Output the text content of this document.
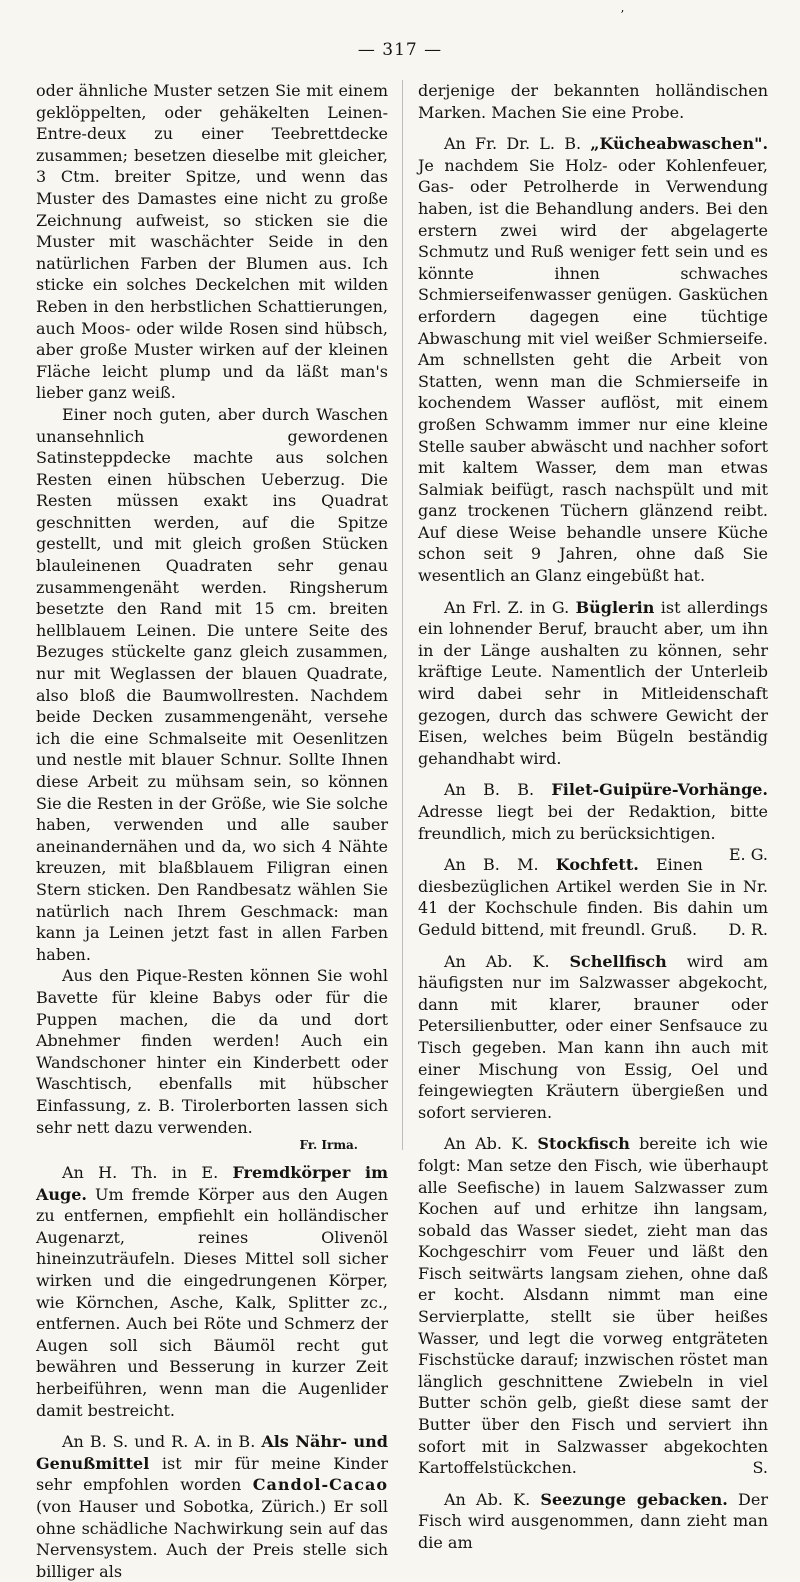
ʼ
— 317 —

oder ähnliche Muster setzen Sie mit einem geklöppelten, oder gehäkelten Leinen-Entre-deux zu einer Teebrettdecke zusammen; besetzen dieselbe mit gleicher, 3 Ctm. breiter Spitze, und wenn das Muster des Damastes eine nicht zu große Zeichnung aufweist, so sticken sie die Muster mit waschächter Seide in den natürlichen Farben der Blumen aus. Ich sticke ein solches Deckelchen mit wilden Reben in den herbstlichen Schattierungen, auch Moos- oder wilde Rosen sind hübsch, aber große Muster wirken auf der kleinen Fläche leicht plump und da läßt man's lieber ganz weiß.

Einer noch guten, aber durch Waschen unansehnlich gewordenen Satinsteppdecke machte aus solchen Resten einen hübschen Ueberzug. Die Resten müssen exakt ins Quadrat geschnitten werden, auf die Spitze gestellt, und mit gleich großen Stücken blauleinenen Quadraten sehr genau zusammengenäht werden. Ringsherum besetzte den Rand mit 15 cm. breiten hellblauem Leinen. Die untere Seite des Bezuges stückelte ganz gleich zusammen, nur mit Weglassen der blauen Quadrate, also bloß die Baumwollresten. Nachdem beide Decken zusammengenäht, versehe ich die eine Schmalseite mit Oesenlitzen und nestle mit blauer Schnur. Sollte Ihnen diese Arbeit zu mühsam sein, so können Sie die Resten in der Größe, wie Sie solche haben, verwenden und alle sauber aneinandernähen und da, wo sich 4 Nähte kreuzen, mit blaßblauem Filigran einen Stern sticken. Den Randbesatz wählen Sie natürlich nach Ihrem Geschmack: man kann ja Leinen jetzt fast in allen Farben haben.

Aus den Pique-Resten können Sie wohl Bavette für kleine Babys oder für die Puppen machen, die da und dort Abnehmer finden werden! Auch ein Wandschoner hinter ein Kinderbett oder Waschtisch, ebenfalls mit hübscher Einfassung, z. B. Tirolerborten lassen sich sehr nett dazu verwenden.

Fr. Irma.

An H. Th. in E. Fremdkörper im Auge. Um fremde Körper aus den Augen zu entfernen, empfiehlt ein holländischer Augenarzt, reines Olivenöl hineinzuträufeln. Dieses Mittel soll sicher wirken und die eingedrungenen Körper, wie Körnchen, Asche, Kalk, Splitter zc., entfernen. Auch bei Röte und Schmerz der Augen soll sich Bäumöl recht gut bewähren und Besserung in kurzer Zeit herbeiführen, wenn man die Augenlider damit bestreicht.

An B. S. und R. A. in B. Als Nähr- und Genußmittel ist mir für meine Kinder sehr empfohlen worden Candol-Cacao (von Hauser und Sobotka, Zürich.) Er soll ohne schädliche Nachwirkung sein auf das Nervensystem. Auch der Preis stelle sich billiger als

derjenige der bekannten holländischen Marken. Machen Sie eine Probe.

An Fr. Dr. L. B. „Kücheabwaschen". Je nachdem Sie Holz- oder Kohlenfeuer, Gas- oder Petrolherde in Verwendung haben, ist die Behandlung anders. Bei den erstern zwei wird der abgelagerte Schmutz und Ruß weniger fett sein und es könnte ihnen schwaches Schmierseifenwasser genügen. Gasküchen erfordern dagegen eine tüchtige Abwaschung mit viel weißer Schmierseife. Am schnellsten geht die Arbeit von Statten, wenn man die Schmierseife in kochendem Wasser auflöst, mit einem großen Schwamm immer nur eine kleine Stelle sauber abwäscht und nachher sofort mit kaltem Wasser, dem man etwas Salmiak beifügt, rasch nachspült und mit ganz trockenen Tüchern glänzend reibt. Auf diese Weise behandle unsere Küche schon seit 9 Jahren, ohne daß Sie wesentlich an Glanz eingebüßt hat.

An Frl. Z. in G. Büglerin ist allerdings ein lohnender Beruf, braucht aber, um ihn in der Länge aushalten zu können, sehr kräftige Leute. Namentlich der Unterleib wird dabei sehr in Mitleidenschaft gezogen, durch das schwere Gewicht der Eisen, welches beim Bügeln beständig gehandhabt wird.

An B. B. Filet-Guipüre-Vorhänge. Adresse liegt bei der Redaktion, bitte freundlich, mich zu berücksichtigen.
E. G.

An B. M. Kochfett. Einen diesbezüglichen Artikel werden Sie in Nr. 41 der Kochschule finden. Bis dahin um Geduld bittend, mit freundl. Gruß.	D. R.

An Ab. K. Schellfisch wird am häufigsten nur im Salzwasser abgekocht, dann mit klarer, brauner oder Petersilienbutter, oder einer Senfsauce zu Tisch gegeben. Man kann ihn auch mit einer Mischung von Essig, Oel und feingewiegten Kräutern übergießen und sofort servieren.

An Ab. K. Stockfisch bereite ich wie folgt: Man setze den Fisch, wie überhaupt alle Seefische) in lauem Salzwasser zum Kochen auf und erhitze ihn langsam, sobald das Wasser siedet, zieht man das Kochgeschirr vom Feuer und läßt den Fisch seitwärts langsam ziehen, ohne daß er kocht. Alsdann nimmt man eine Servierplatte, stellt sie über heißes Wasser, und legt die vorweg entgräteten Fischstücke darauf; inzwischen röstet man länglich geschnittene Zwiebeln in viel Butter schön gelb, gießt diese samt der Butter über den Fisch und serviert ihn sofort mit in Salzwasser abgekochten Kartoffelstückchen.	S.

An Ab. K. Seezunge gebacken. Der Fisch wird ausgenommen, dann zieht man die am
